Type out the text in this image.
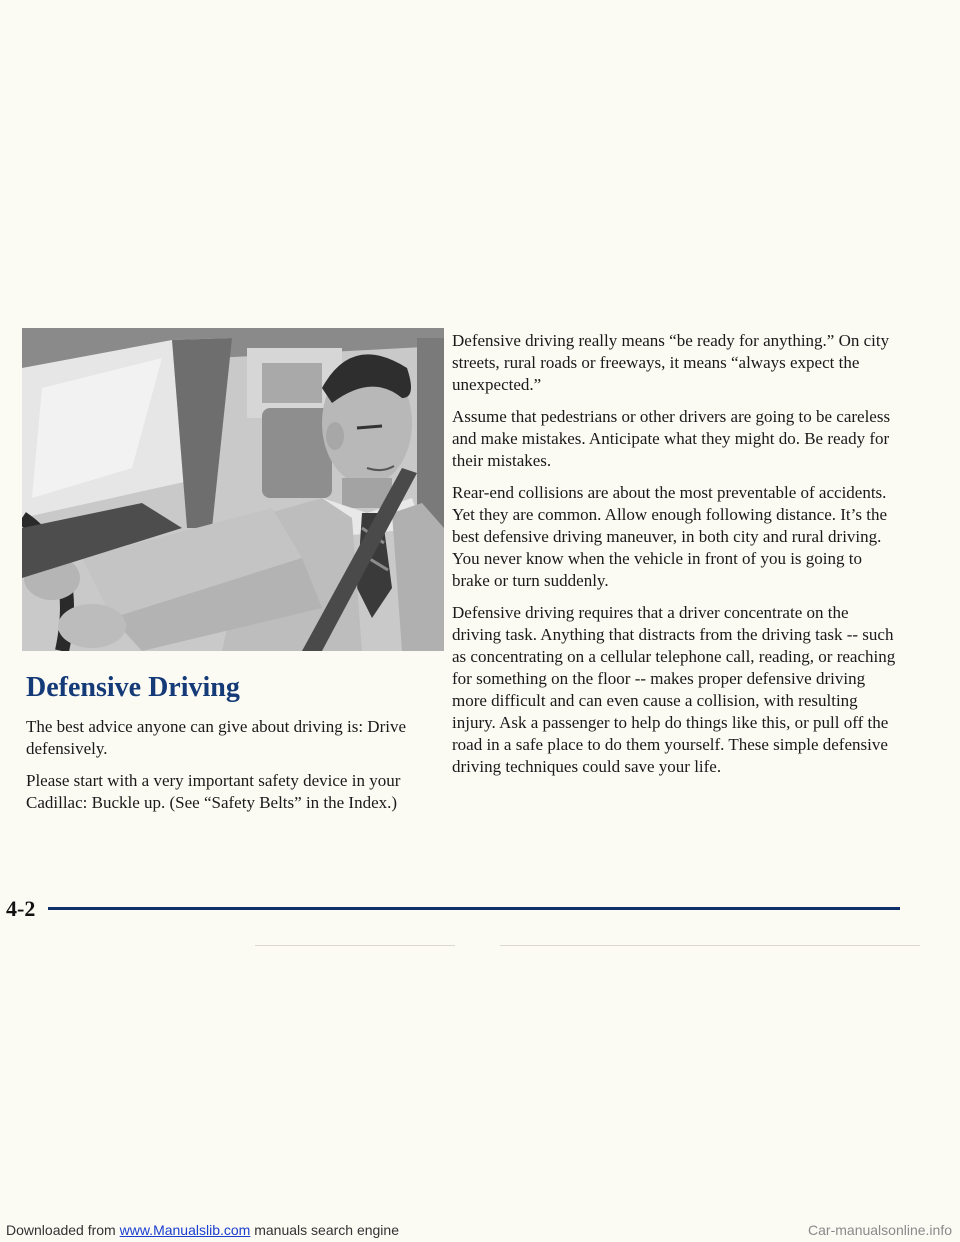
Defensive Driving

The best advice anyone can give about driving is: Drive defensively.

Please start with a very important safety device in your Cadillac: Buckle up. (See “Safety Belts” in the Index.)

Defensive driving really means “be ready for anything.” On city streets, rural roads or freeways, it means “always expect the unexpected.”

Assume that pedestrians or other drivers are going to be careless and make mistakes. Anticipate what they might do. Be ready for their mistakes.

Rear-end collisions are about the most preventable of accidents. Yet they are common. Allow enough following distance. It’s the best defensive driving maneuver, in both city and rural driving. You never know when the vehicle in front of you is going to brake or turn suddenly.

Defensive driving requires that a driver concentrate on the driving task. Anything that distracts from the driving task -- such as concentrating on a cellular telephone call, reading, or reaching for something on the floor -- makes proper defensive driving more difficult and can even cause a collision, with resulting injury. Ask a passenger to help do things like this, or pull off the road in a safe place to do them yourself. These simple defensive driving techniques could save your life.

4-2
Downloaded from www.Manualslib.com manuals search engine	Car-manualsonline.info
